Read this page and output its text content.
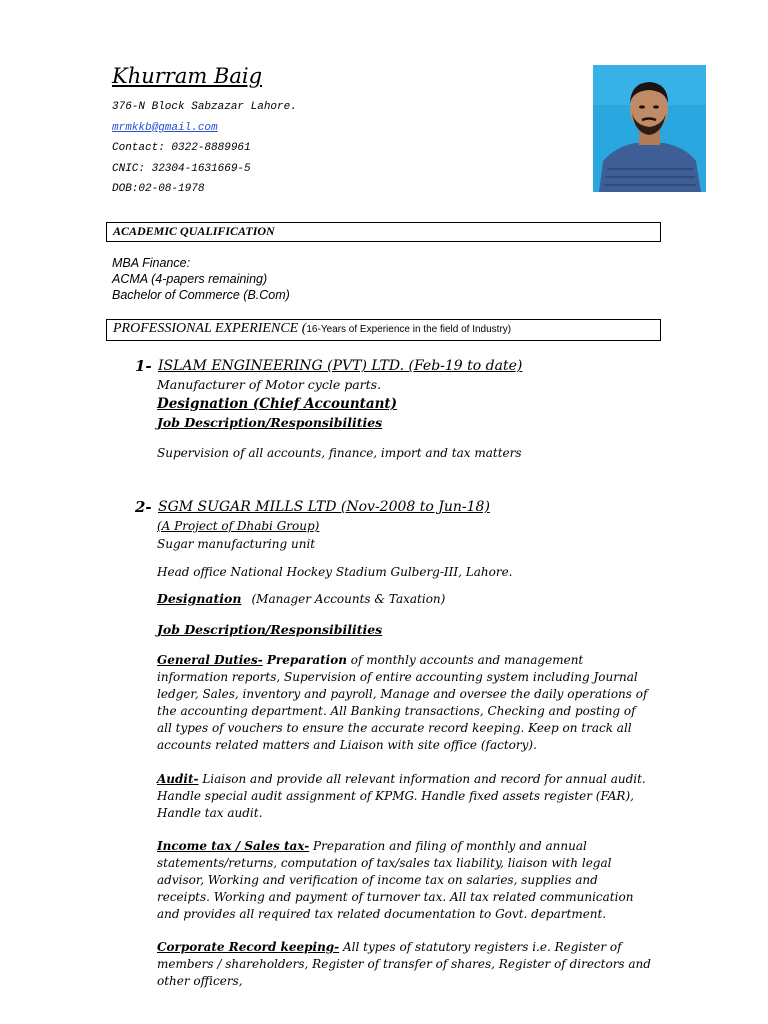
Khurram Baig
376-N Block Sabzazar Lahore.
mrmkkb@gmail.com
Contact: 0322-8889961
CNIC: 32304-1631669-5
DOB:02-08-1978
ACADEMIC QUALIFICATION
MBA Finance:
ACMA (4-papers remaining)
Bachelor of Commerce (B.Com)
PROFESSIONAL EXPERIENCE (16-Years of Experience in the field of Industry)
1- ISLAM ENGINEERING (PVT) LTD. (Feb-19 to date)
Manufacturer of Motor cycle parts.
Designation (Chief Accountant)
Job Description/Responsibilities
Supervision of all accounts, finance, import and tax matters
2- SGM SUGAR MILLS LTD (Nov-2008 to Jun-18)
(A Project of Dhabi Group)
Sugar manufacturing unit
Head office National Hockey Stadium Gulberg-III, Lahore.
Designation (Manager Accounts & Taxation)
Job Description/Responsibilities
General Duties- Preparation of monthly accounts and management information reports, Supervision of entire accounting system including Journal ledger, Sales, inventory and payroll, Manage and oversee the daily operations of the accounting department. All Banking transactions, Checking and posting of all types of vouchers to ensure the accurate record keeping. Keep on track all accounts related matters and Liaison with site office (factory).
Audit- Liaison and provide all relevant information and record for annual audit. Handle special audit assignment of KPMG. Handle fixed assets register (FAR), Handle tax audit.
Income tax / Sales tax- Preparation and filing of monthly and annual statements/returns, computation of tax/sales tax liability, liaison with legal advisor, Working and verification of income tax on salaries, supplies and receipts. Working and payment of turnover tax. All tax related communication and provides all required tax related documentation to Govt. department.
Corporate Record keeping- All types of statutory registers i.e. Register of members / shareholders, Register of transfer of shares, Register of directors and other officers,
